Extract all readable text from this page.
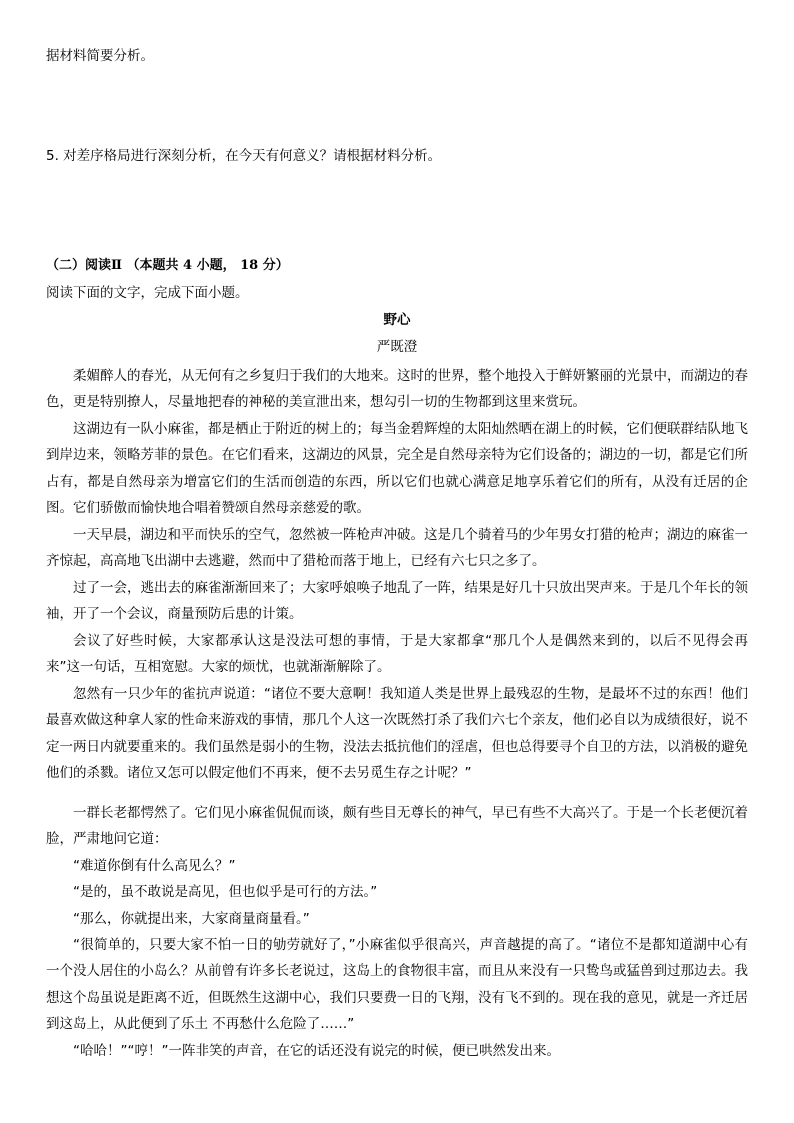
据材料简要分析。
5. 对差序格局进行深刻分析，在今天有何意义？请根据材料分析。
（二）阅读Ⅱ （本题共 4 小题， 18 分）
阅读下面的文字，完成下面小题。
野心
严既澄
柔媚醉人的春光，从无何有之乡复归于我们的大地来。这时的世界，整个地投入于鲜妍繁丽的光景中，而湖边的春色，更是特别撩人，尽量地把春的神秘的美宣泄出来，想勾引一切的生物都到这里来赏玩。
这湖边有一队小麻雀，都是栖止于附近的树上的；每当金碧辉煌的太阳灿然晒在湖上的时候，它们便联群结队地飞到岸边来，领略芳菲的景色。在它们看来，这湖边的风景，完全是自然母亲特为它们设备的；湖边的一切，都是它们所占有，都是自然母亲为增富它们的生活而创造的东西，所以它们也就心满意足地享乐着它们的所有，从没有迁居的企图。它们骄傲而愉快地合唱着赞颂自然母亲慈爱的歌。
一天早晨，湖边和平而快乐的空气，忽然被一阵枪声冲破。这是几个骑着马的少年男女打猎的枪声；湖边的麻雀一齐惊起，高高地飞出湖中去逃避，然而中了猎枪而落于地上，已经有六七只之多了。
过了一会，逃出去的麻雀渐渐回来了；大家呼娘唤子地乱了一阵，结果是好几十只放出哭声来。于是几个年长的领袖，开了一个会议，商量预防后患的计策。
会议了好些时候，大家都承认这是没法可想的事情，于是大家都拿“那几个人是偶然来到的，以后不见得会再来”这一句话，互相宽慰。大家的烦忧，也就渐渐解除了。
忽然有一只少年的雀抗声说道：“诸位不要大意啊！我知道人类是世界上最残忍的生物，是最坏不过的东西！他们最喜欢做这种拿人家的性命来游戏的事情，那几个人这一次既然打杀了我们六七个亲友，他们必自以为成绩很好，说不定一两日内就要重来的。我们虽然是弱小的生物，没法去抵抗他们的淫虐，但也总得要寻个自卫的方法，以消极的避免他们的杀戮。诸位又怎可以假定他们不再来，便不去另觅生存之计呢？”
一群长老都愕然了。它们见小麻雀侃侃而谈，颇有些目无尊长的神气，早已有些不大高兴了。于是一个长老便沉着脸，严肃地问它道：
“难道你倒有什么高见么？”
“是的，虽不敢说是高见，但也似乎是可行的方法。”
“那么，你就提出来，大家商量商量看。”
“很简单的，只要大家不怕一日的劬劳就好了，”小麻雀似乎很高兴，声音越提的高了。“诸位不是都知道湖中心有一个没人居住的小岛么？从前曾有许多长老说过，这岛上的食物很丰富，而且从来没有一只鸷鸟或猛兽到过那边去。我想这个岛虽说是距离不近，但既然生这湖中心，我们只要费一日的飞翔，没有飞不到的。现在我的意见，就是一齐迁居到这岛上，从此便到了乐土 不再愁什么危险了……”
“哈哈！”“哼！”一阵非笑的声音，在它的话还没有说完的时候，便已哄然发出来。
